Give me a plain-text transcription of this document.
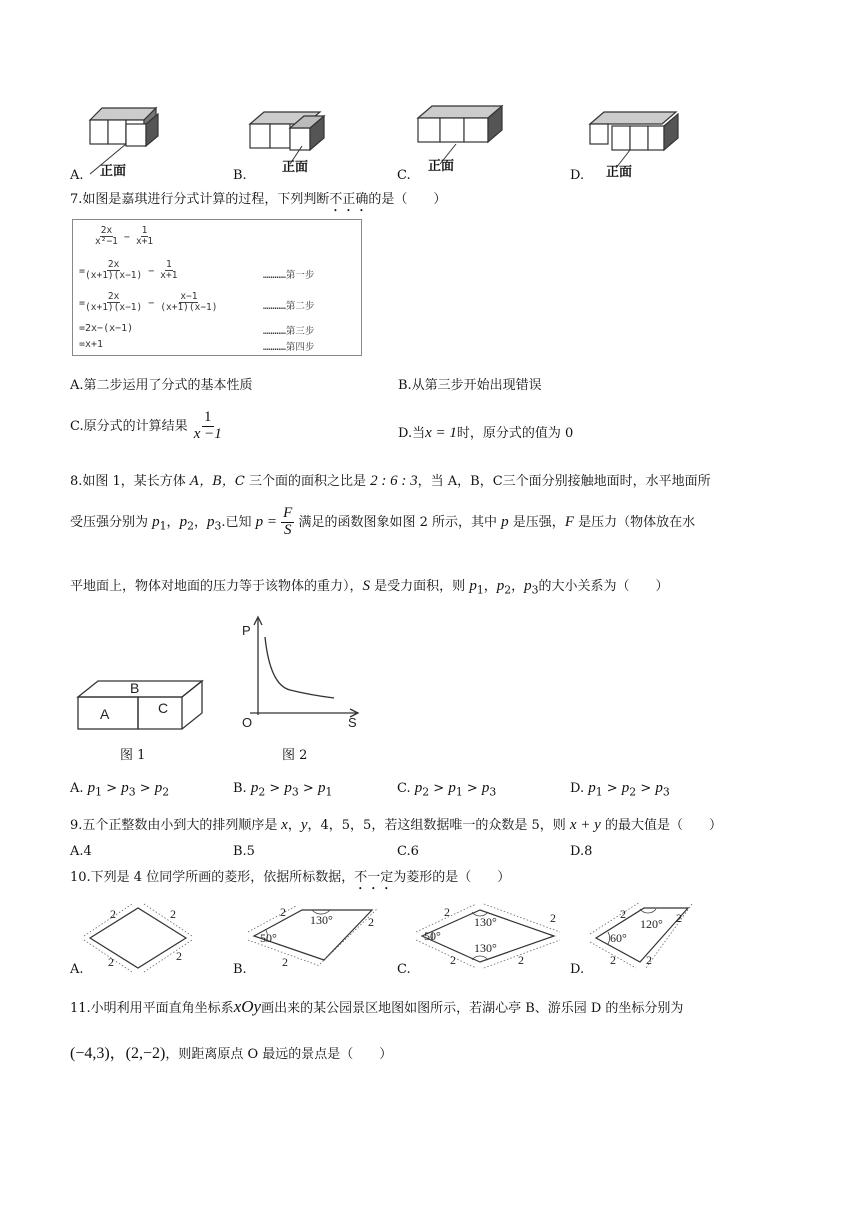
正面	正面	正面	正面
A.	B.	C.	D.
7.如图是嘉琪进行分式计算的过程，下列判断不正确的是（　　）
$\frac{2x}{\text{x²−1}} - \frac{1}{x+1}$
= $\frac{2x}{(x+1)(x-1)} - \frac{1}{x+1}$	…………第一步
= $\frac{2x}{(x+1)(x-1)} - \frac{x-1}{(x+1)(x-1)}$	…………第二步
=2x−(x−1)	…………第三步
=x+1	…………第四步
A.第二步运用了分式的基本性质	B.从第三步开始出现错误
C.原分式的计算结果 $\frac{1}{x -1}$	D.当x = 1时，原分式的值为 0
8.如图 1，某长方体 A，B，C 三个面的面积之比是 2 : 6 : 3，当 A，B，C三个面分别接触地面时，水平地面所
受压强分别为 $p_1$，$p_2$，$p_3$.已知 $p = \frac{F}{S}$ 满足的函数图象如图 2 所示，其中 p 是压强，F 是压力（物体放在水
平地面上，物体对地面的压力等于该物体的重力），S 是受力面积，则 $p_1$，$p_2$，$p_3$的大小关系为（　　）
A
B
C
图 1
P
S
O
图 2
A. $p_1 > p_3 > p_2$	B. $p_2 > p_3 > p_1$	C. $p_2 > p_1 > p_3$	D. $p_1 > p_2 > p_3$
9.五个正整数由小到大的排列顺序是 x，y，4，5，5，若这组数据唯一的众数是 5，则 x + y 的最大值是（　　）
A.4	B.5	C.6	D.8
10.下列是 4 位同学所画的菱形，依据所标数据，不一定为菱形的是（　　）
2	2
2	2
2
2
2
50°
130°
2	2
2	2
130°
50°
130°
2	2
2	2
60°
120°
A.	B.	C.	D.
11.小明利用平面直角坐标系xOy画出来的某公园景区地图如图所示，若湖心亭 B、游乐园 D 的坐标分别为
(−4,3)，(2,−2)，则距离原点 O 最远的景点是（　　）
